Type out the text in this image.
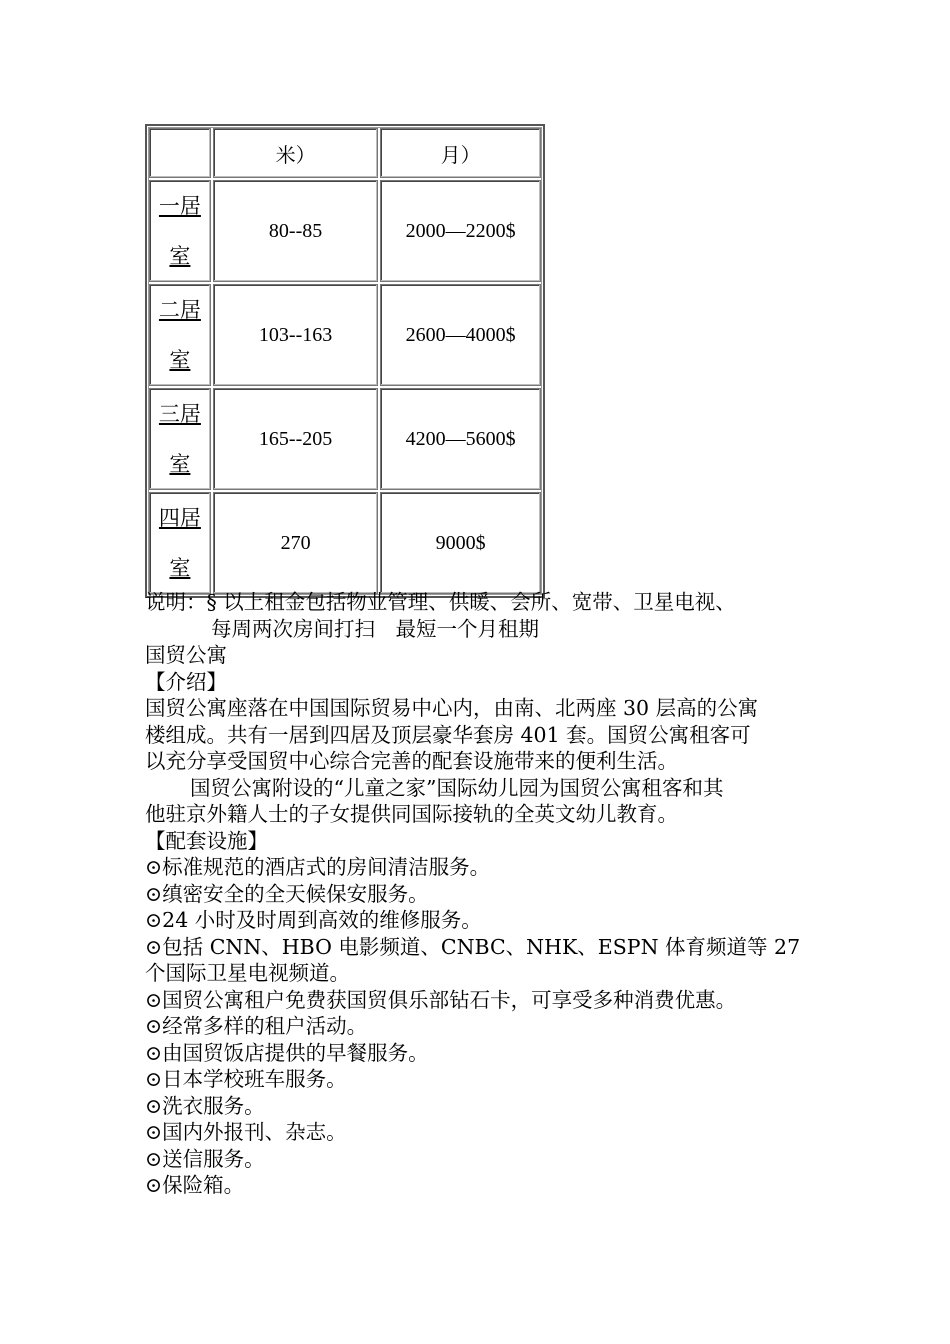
	米）	月）
一居室	80--85	2000—2200$
二居室	103--163	2600—4000$
三居室	165--205	4200—5600$
四居室	270	9000$
说明：§ 以上租金包括物业管理、供暖、会所、宽带、卫星电视、
每周两次房间打扫　最短一个月租期
国贸公寓
【介绍】
国贸公寓座落在中国国际贸易中心内，由南、北两座 30 层高的公寓
楼组成。共有一居到四居及顶层豪华套房 401 套。国贸公寓租客可
以充分享受国贸中心综合完善的配套设施带来的便利生活。
国贸公寓附设的“儿童之家”国际幼儿园为国贸公寓租客和其
他驻京外籍人士的子女提供同国际接轨的全英文幼儿教育。
【配套设施】
⊙标准规范的酒店式的房间清洁服务。
⊙缜密安全的全天候保安服务。
⊙24 小时及时周到高效的维修服务。
⊙包括 CNN、HBO 电影频道、CNBC、NHK、ESPN 体育频道等 27
个国际卫星电视频道。
⊙国贸公寓租户免费获国贸俱乐部钻石卡，可享受多种消费优惠。
⊙经常多样的租户活动。
⊙由国贸饭店提供的早餐服务。
⊙日本学校班车服务。
⊙洗衣服务。
⊙国内外报刊、杂志。
⊙送信服务。
⊙保险箱。
